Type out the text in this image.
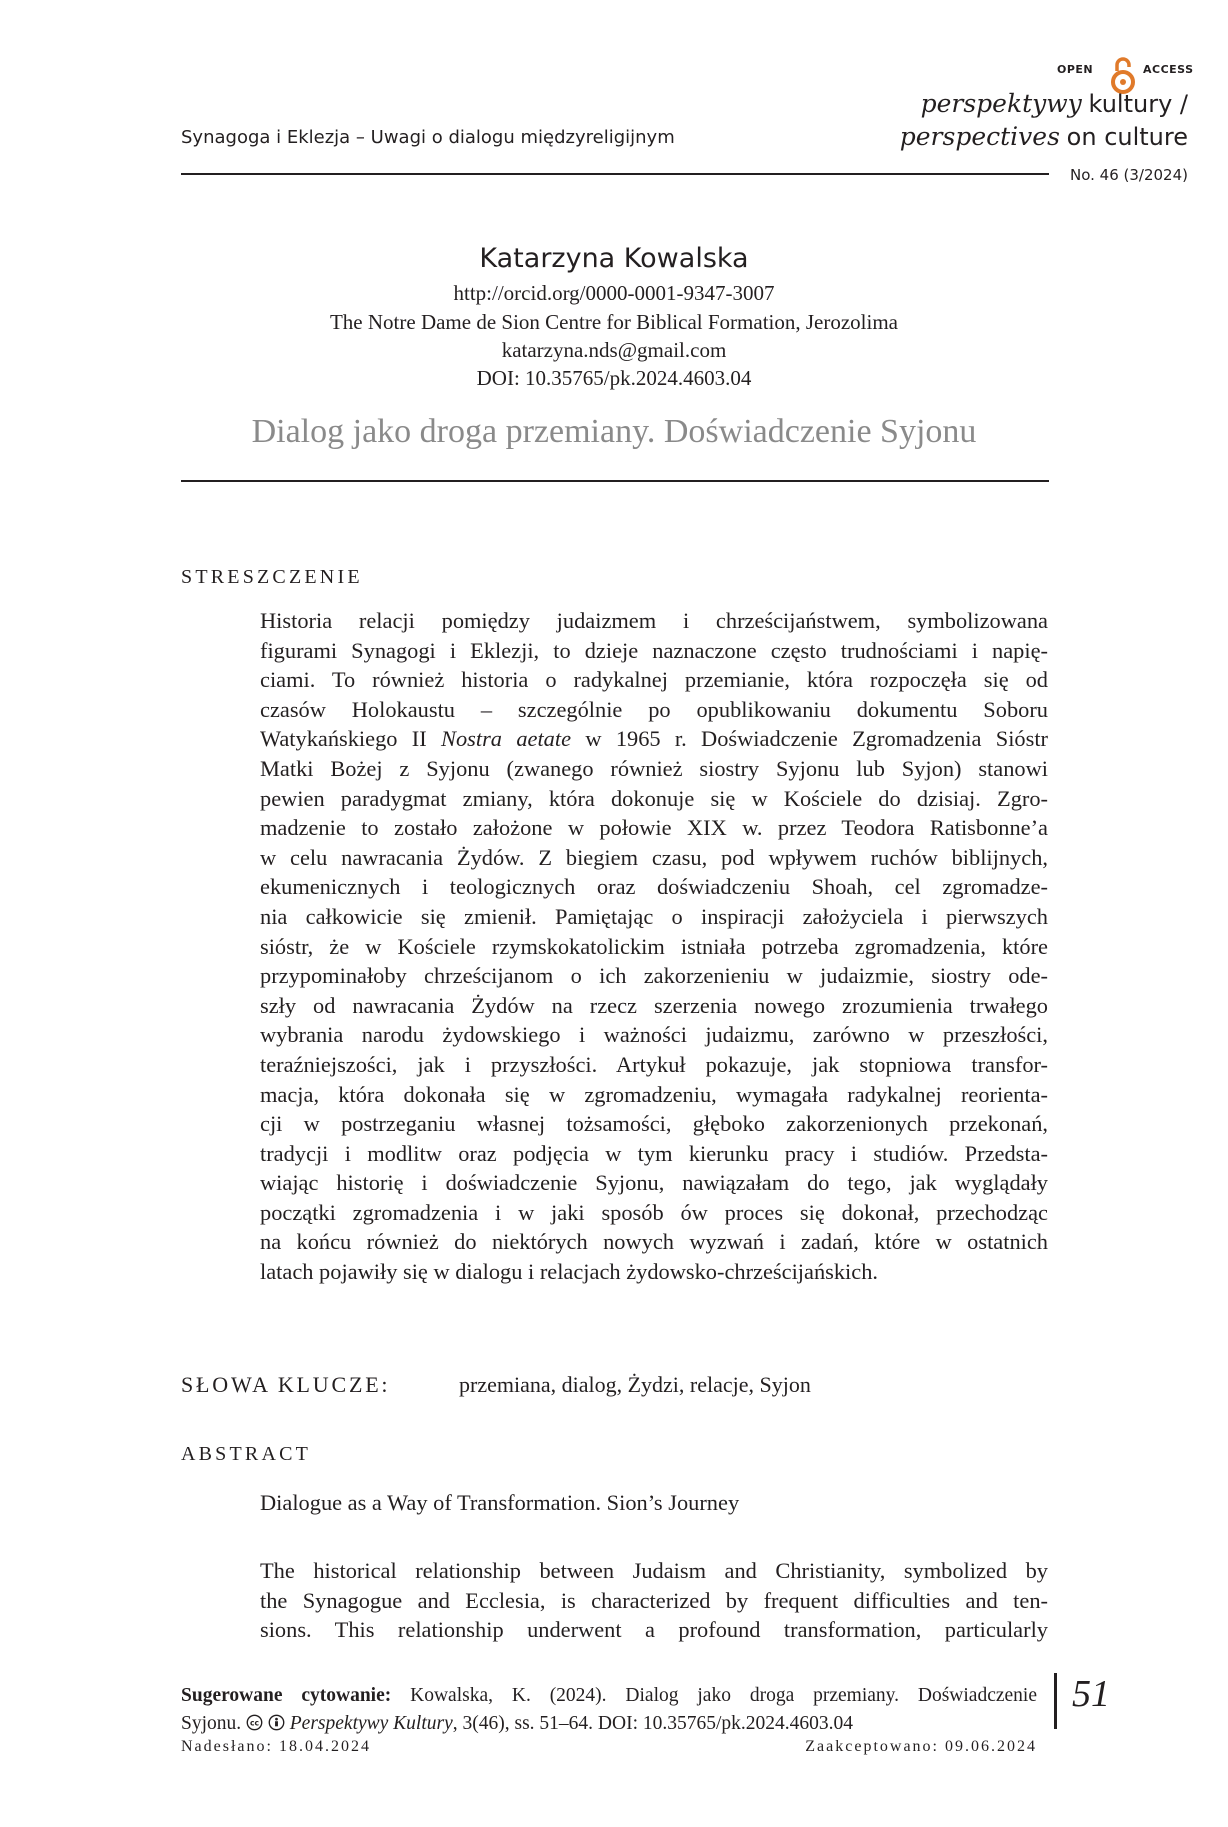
Synagoga i Eklezja – Uwagi o dialogu międzyreligijnym
OPEN	ACCESS
perspektywy kultury /
perspectives on culture
No. 46 (3/2024)
Katarzyna Kowalska
http://orcid.org/0000-0001-9347-3007
The Notre Dame de Sion Centre for Biblical Formation, Jerozolima
katarzyna.nds@gmail.com
DOI: 10.35765/pk.2024.4603.04
Dialog jako droga przemiany. Doświadczenie Syjonu
STRESZCZENIE
Historia relacji pomiędzy judaizmem i chrześcijaństwem, symbolizowana
figurami Synagogi i Eklezji, to dzieje naznaczone często trudnościami i napię-
ciami. To również historia o radykalnej przemianie, która rozpoczęła się od
czasów Holokaustu – szczególnie po opublikowaniu dokumentu Soboru
Watykańskiego II Nostra aetate w 1965 r. Doświadczenie Zgromadzenia Sióstr
Matki Bożej z Syjonu (zwanego również siostry Syjonu lub Syjon) stanowi
pewien paradygmat zmiany, która dokonuje się w Kościele do dzisiaj. Zgro-
madzenie to zostało założone w połowie XIX w. przez Teodora Ratisbonne’a
w celu nawracania Żydów. Z biegiem czasu, pod wpływem ruchów biblijnych,
ekumenicznych i teologicznych oraz doświadczeniu Shoah, cel zgromadze-
nia całkowicie się zmienił. Pamiętając o inspiracji założyciela i pierwszych
sióstr, że w Kościele rzymskokatolickim istniała potrzeba zgromadzenia, które
przypominałoby chrześcijanom o ich zakorzenieniu w judaizmie, siostry ode-
szły od nawracania Żydów na rzecz szerzenia nowego zrozumienia trwałego
wybrania narodu żydowskiego i ważności judaizmu, zarówno w przeszłości,
teraźniejszości, jak i przyszłości. Artykuł pokazuje, jak stopniowa transfor-
macja, która dokonała się w zgromadzeniu, wymagała radykalnej reorienta-
cji w postrzeganiu własnej tożsamości, głęboko zakorzenionych przekonań,
tradycji i modlitw oraz podjęcia w tym kierunku pracy i studiów. Przedsta-
wiając historię i doświadczenie Syjonu, nawiązałam do tego, jak wyglądały
początki zgromadzenia i w jaki sposób ów proces się dokonał, przechodząc
na końcu również do niektórych nowych wyzwań i zadań, które w ostatnich
latach pojawiły się w dialogu i relacjach żydowsko-chrześcijańskich.
SŁOWA KLUCZE:	przemiana, dialog, Żydzi, relacje, Syjon
ABSTRACT
Dialogue as a Way of Transformation. Sion’s Journey
The historical relationship between Judaism and Christianity, symbolized by
the Synagogue and Ecclesia, is characterized by frequent difficulties and ten-
sions. This relationship underwent a profound transformation, particularly
Sugerowane cytowanie: Kowalska, K. (2024). Dialog jako droga przemiany. Doświadczenie
Syjonu. cc Perspektywy Kultury, 3(46), ss. 51–64. DOI: 10.35765/pk.2024.4603.04
Nadesłano: 18.04.2024	Zaakceptowano: 09.06.2024
51
